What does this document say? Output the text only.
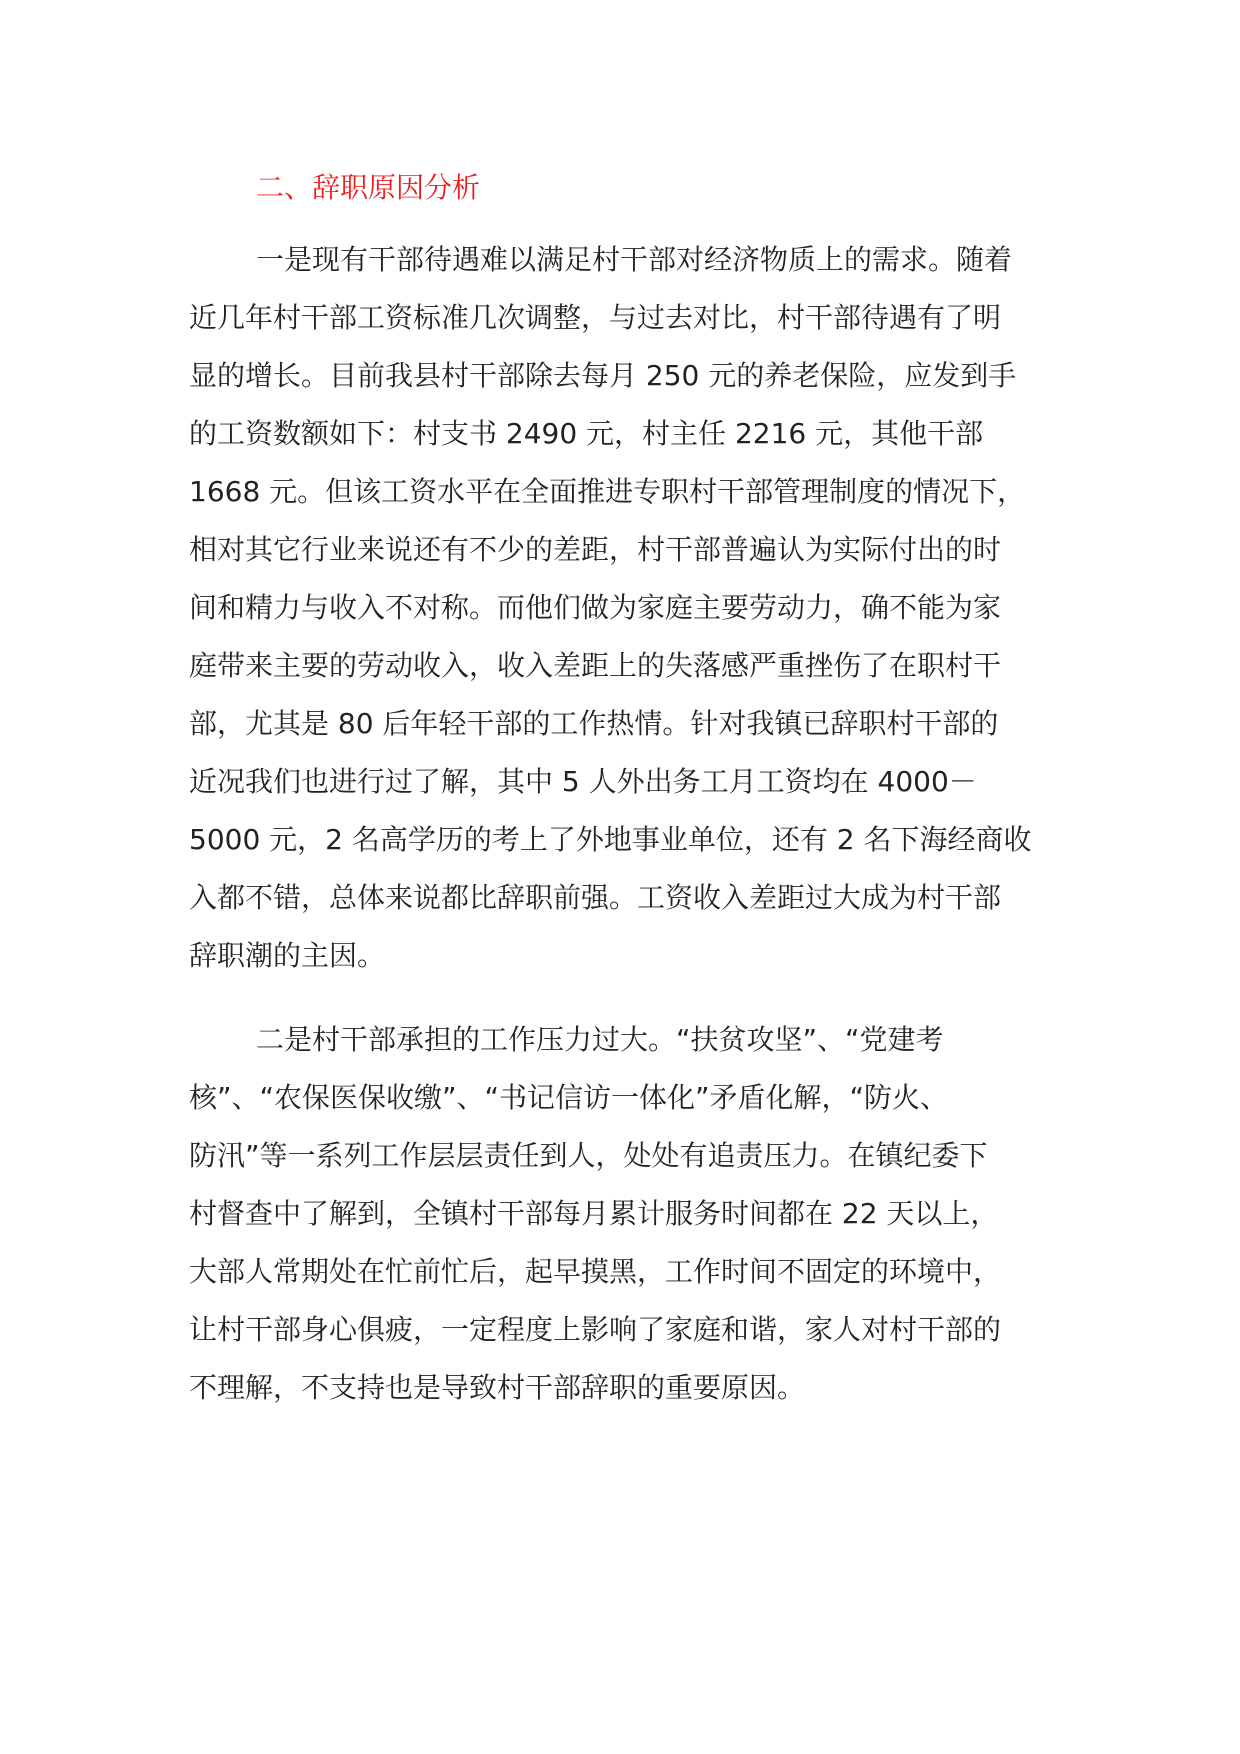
二、辞职原因分析

一是现有干部待遇难以满足村干部对经济物质上的需求。随着

近几年村干部工资标准几次调整，与过去对比，村干部待遇有了明

显的增长。目前我县村干部除去每月 250 元的养老保险，应发到手

的工资数额如下：村支书 2490 元，村主任 2216 元，其他干部

1668 元。但该工资水平在全面推进专职村干部管理制度的情况下，

相对其它行业来说还有不少的差距，村干部普遍认为实际付出的时

间和精力与收入不对称。而他们做为家庭主要劳动力，确不能为家

庭带来主要的劳动收入，收入差距上的失落感严重挫伤了在职村干

部，尤其是 80 后年轻干部的工作热情。针对我镇已辞职村干部的

近况我们也进行过了解，其中 5 人外出务工月工资均在 4000－

5000 元，2 名高学历的考上了外地事业单位，还有 2 名下海经商收

入都不错，总体来说都比辞职前强。工资收入差距过大成为村干部

辞职潮的主因。

二是村干部承担的工作压力过大。“扶贫攻坚”、“党建考

核”、“农保医保收缴”、“书记信访一体化”矛盾化解，“防火、

防汛”等一系列工作层层责任到人，处处有追责压力。在镇纪委下

村督查中了解到，全镇村干部每月累计服务时间都在 22 天以上，

大部人常期处在忙前忙后，起早摸黑，工作时间不固定的环境中，

让村干部身心俱疲，一定程度上影响了家庭和谐，家人对村干部的

不理解，不支持也是导致村干部辞职的重要原因。
